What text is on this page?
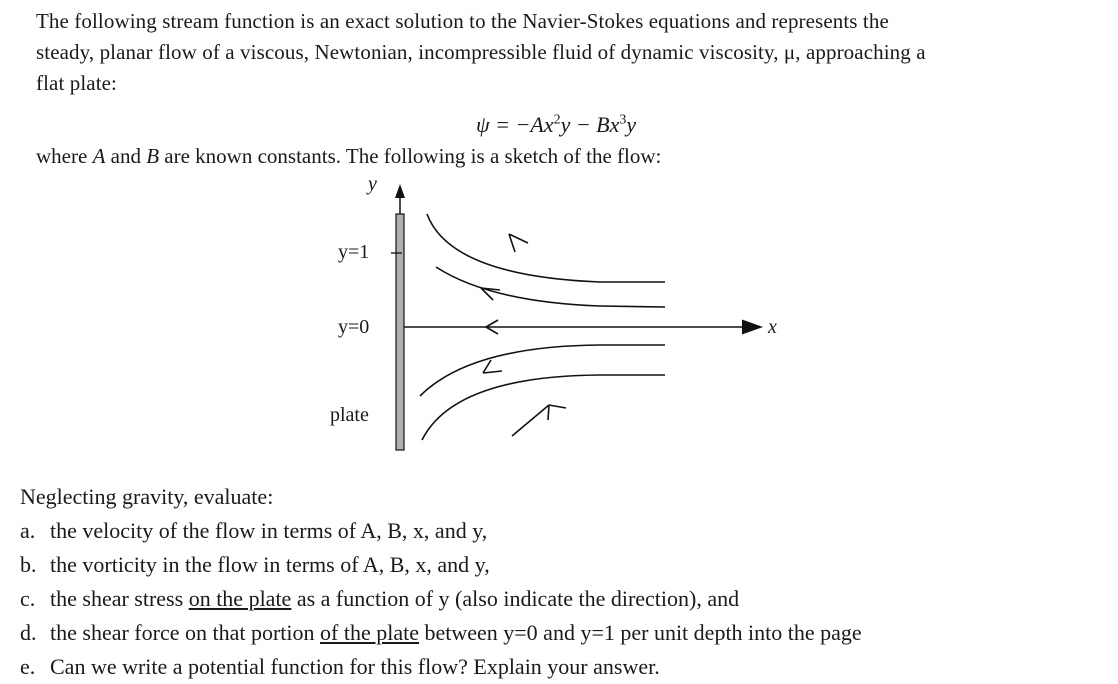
The following stream function is an exact solution to the Navier-Stokes equations and represents the
steady, planar flow of a viscous, Newtonian, incompressible fluid of dynamic viscosity, μ, approaching a
flat plate:
$\psi = -Ax^2y - Bx^3y$
where A and B are known constants. The following is a sketch of the flow:
y
y=1
y=0	x
plate
Neglecting gravity, evaluate:
a. the velocity of the flow in terms of A, B, x, and y,
b. the vorticity in the flow in terms of A, B, x, and y,
c. the shear stress on the plate as a function of y (also indicate the direction), and
d. the shear force on that portion of the plate between y=0 and y=1 per unit depth into the page
e. Can we write a potential function for this flow? Explain your answer.
